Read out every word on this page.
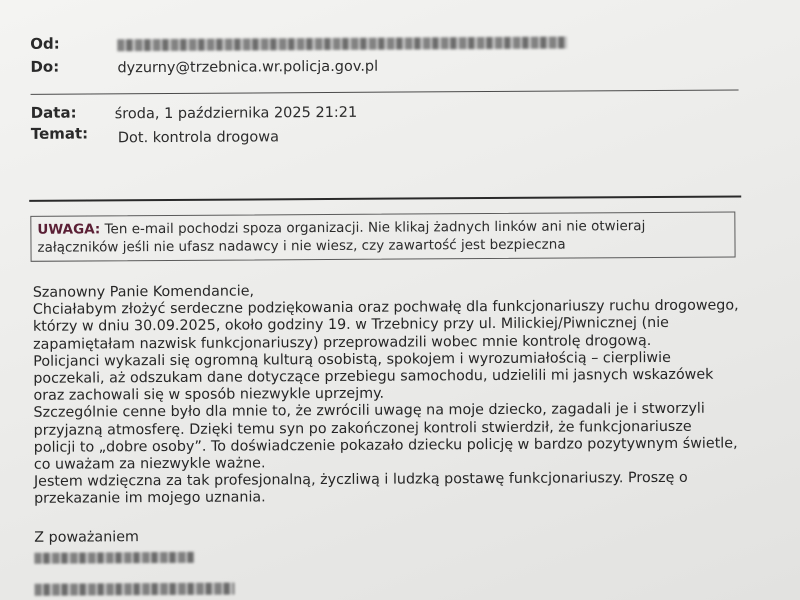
Od:
Do:	dyzurny@trzebnica.wr.policja.gov.pl
Data:	środa, 1 października 2025 21:21
Temat: Dot. kontrola drogowa
UWAGA: Ten e-mail pochodzi spoza organizacji. Nie klikaj żadnych linków ani nie otwieraj
załączników jeśli nie ufasz nadawcy i nie wiesz, czy zawartość jest bezpieczna
Szanowny Panie Komendancie,
Chciałabym złożyć serdeczne podziękowania oraz pochwałę dla funkcjonariuszy ruchu drogowego,
którzy w dniu 30.09.2025, około godziny 19. w Trzebnicy przy ul. Milickiej/Piwnicznej (nie
zapamiętałam nazwisk funkcjonariuszy) przeprowadzili wobec mnie kontrolę drogową.
Policjanci wykazali się ogromną kulturą osobistą, spokojem i wyrozumiałością – cierpliwie
poczekali, aż odszukam dane dotyczące przebiegu samochodu, udzielili mi jasnych wskazówek
oraz zachowali się w sposób niezwykle uprzejmy.
Szczególnie cenne było dla mnie to, że zwrócili uwagę na moje dziecko, zagadali je i stworzyli
przyjazną atmosferę. Dzięki temu syn po zakończonej kontroli stwierdził, że funkcjonariusze
policji to „dobre osoby”. To doświadczenie pokazało dziecku policję w bardzo pozytywnym świetle,
co uważam za niezwykle ważne.
Jestem wdzięczna za tak profesjonalną, życzliwą i ludzką postawę funkcjonariuszy. Proszę o
przekazanie im mojego uznania.
Z poważaniem
